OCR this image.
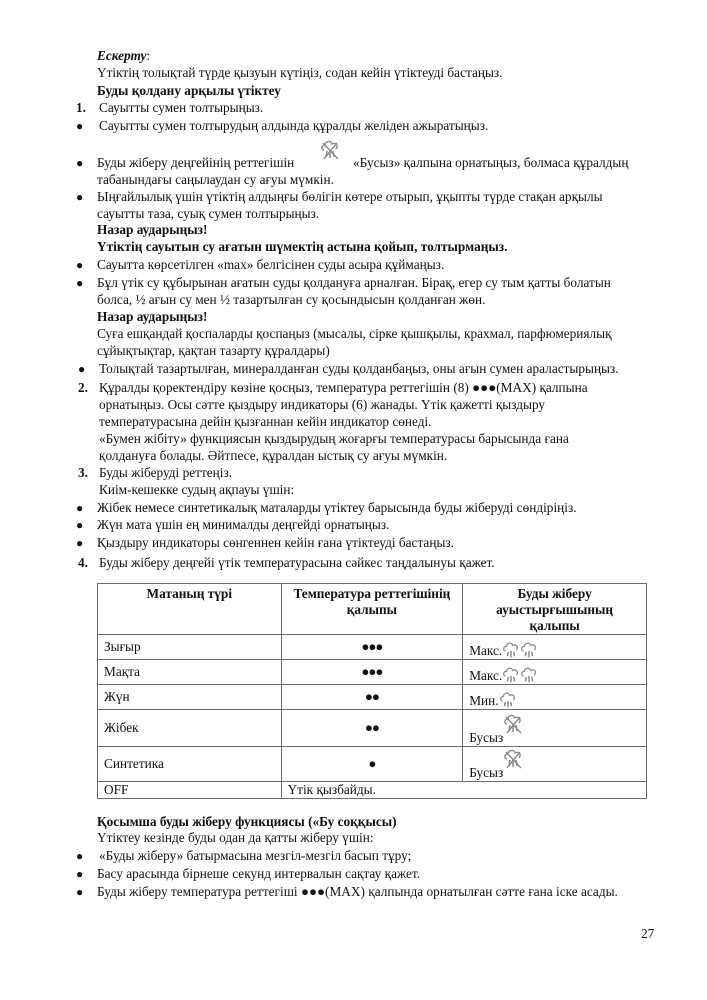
Ескерту:
Үтіктің толықтай түрде қызуын күтіңіз, содан кейін үтіктеуді бастаңыз.
Буды қолдану арқылы үтіктеу
1. Сауытты сумен толтырыңыз.
● Сауытты сумен толтырудың алдында құралды желіден ажыратыңыз.
● Буды жіберу деңгейінің реттегішін	«Бусыз» қалпына орнатыңыз, болмаса құралдың
табанындағы саңылаудан су ағуы мүмкін.
● Ыңғайлылық үшін үтіктің алдыңғы бөлігін көтере отырып, ұқыпты түрде стақан арқылы
сауытты таза, суық сумен толтырыңыз.
Назар аударыңыз!
Үтіктің сауытын су ағатын шүмектің астына қойып, толтырмаңыз.
● Сауытта көрсетілген «max» белгісінен суды асыра құймаңыз.
● Бұл үтік су құбырынан ағатын суды қолдануға арналған. Бірақ, егер су тым қатты болатын
болса, ½ ағын су мен ½ тазартылған су қосындысын қолданған жөн.
Назар аударыңыз!
Суға ешқандай қоспаларды қоспаңыз (мысалы, сірке қышқылы, крахмал, парфюмериялық
сұйықтықтар, қақтан тазарту құралдары)
● Толықтай тазартылған, минералданған суды қолданбаңыз, оны ағын сумен араластырыңыз.
2. Құралды қоректендіру көзіне қосңыз, температура реттегішін (8) ●●●(MAX) қалпына
орнатыңыз. Осы сәтте қыздыру индикаторы (6) жанады. Үтік қажетті қыздыру
температурасына дейін қызғаннан кейін индикатор сөнеді.
«Бумен жібіту» функциясын қыздырудың жоғарғы температурасы барысында ғана
қолдануға болады. Әйтпесе, құралдан ыстық су ағуы мүмкін.
3. Буды жіберуді реттеңіз.
Киім-кешекке судың ақпауы үшін:
● Жібек немесе синтетикалық маталарды үтіктеу барысында буды жіберуді сөндіріңіз.
● Жүн мата үшін ең минималды деңгейді орнатыңыз.
● Қыздыру индикаторы сөнгеннен кейін ғана үтіктеуді бастаңыз.
4. Буды жіберу деңгейі үтік температурасына сәйкес таңдалынуы қажет.
Матаның түрі	Температура реттегішінің
қалыпы	Буды жіберу
ауыстырғышының
қалыпы
Зығыр	●●●	Макс.
Мақта	●●●	Макс.
Жүн	●●	Мин.
Жібек	●●	Бусыз
Синтетика	●	Бусыз
OFF	Үтік қызбайды.	
Қосымша буды жіберу функциясы («Бу соққысы)
Үтіктеу кезінде буды одан да қатты жіберу үшін:
● «Буды жіберу» батырмасына мезгіл-мезгіл басып тұру;
● Басу арасында бірнеше секунд интервалын сақтау қажет.
● Буды жіберу температура реттегіші ●●●(MAX) қалпында орнатылған сәтте ғана іске асады.
27
